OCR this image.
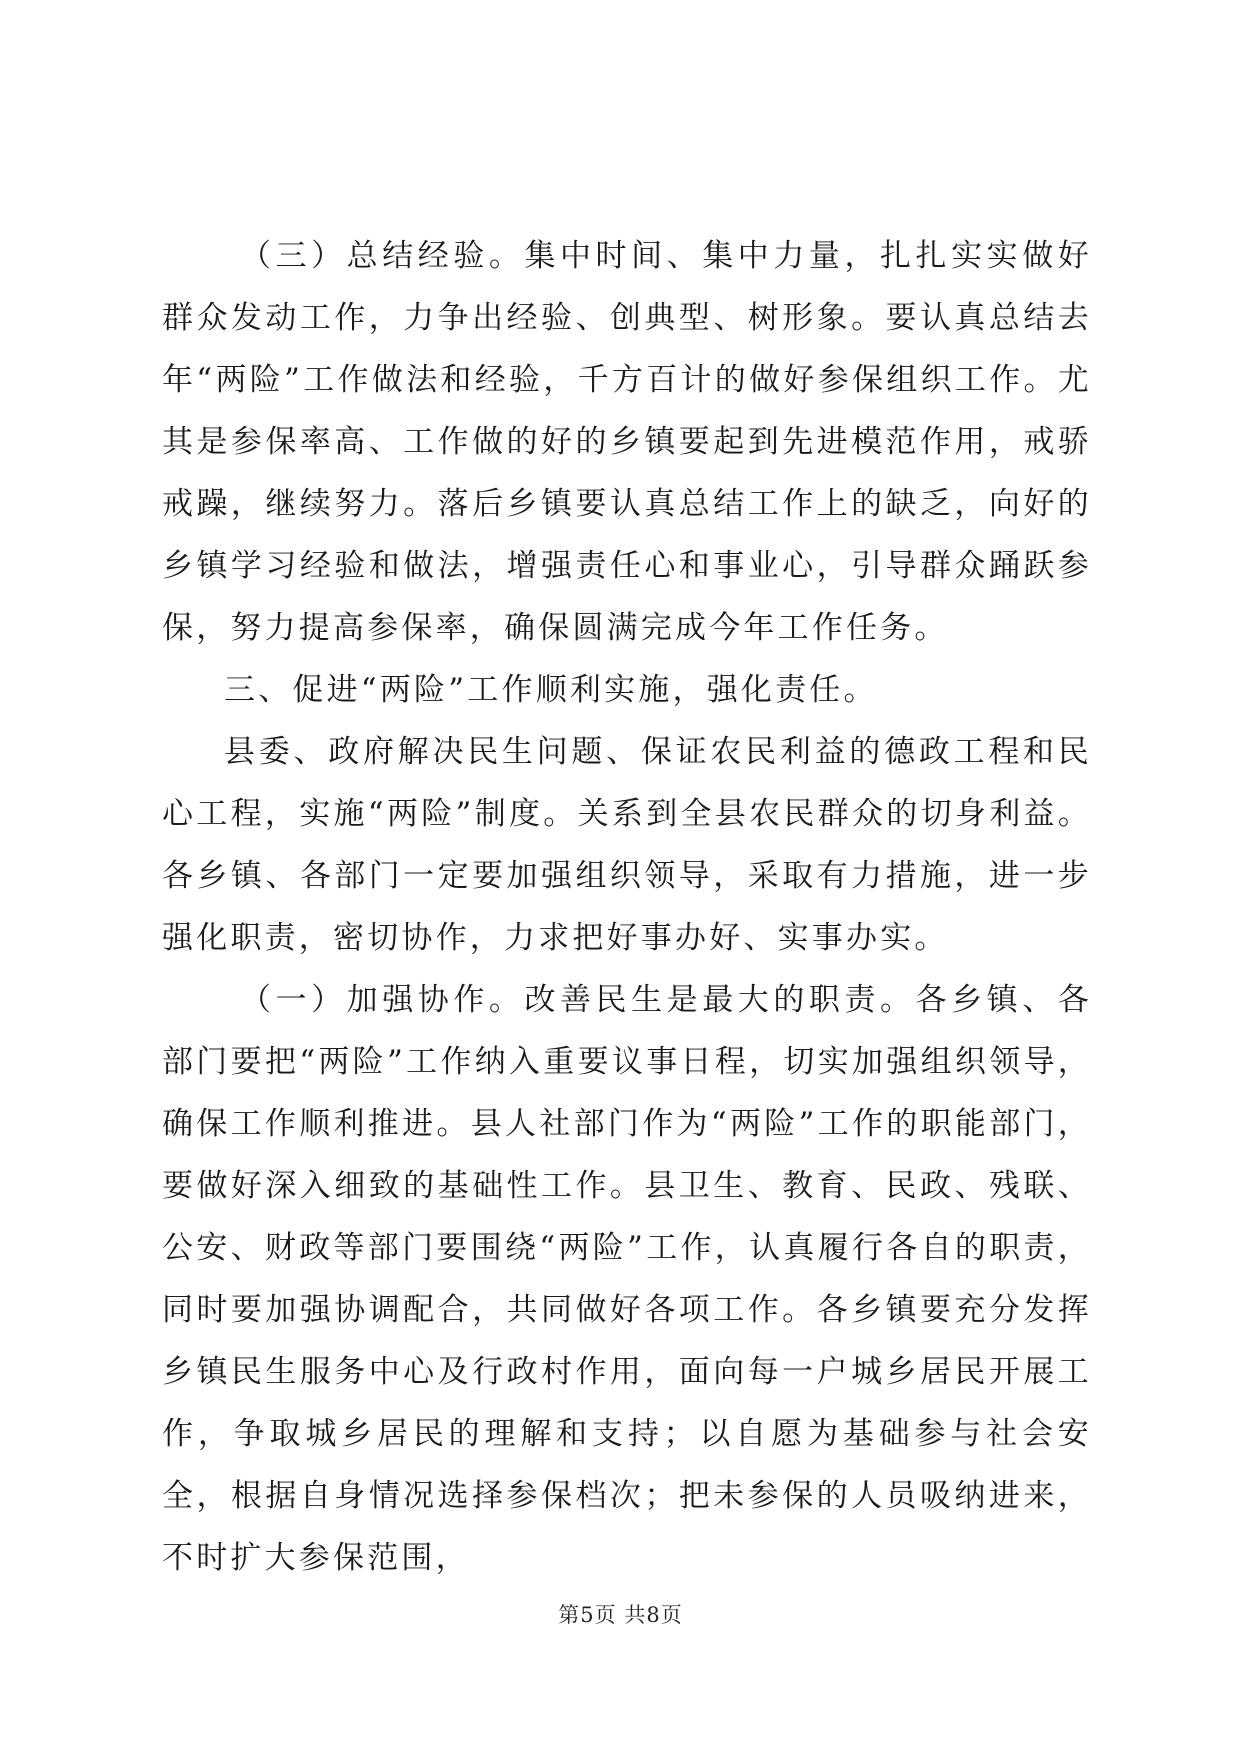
（三）总结经验。集中时间、集中力量，扎扎实实做好群众发动工作，力争出经验、创典型、树形象。要认真总结去年“两险”工作做法和经验，千方百计的做好参保组织工作。尤其是参保率高、工作做的好的乡镇要起到先进模范作用，戒骄戒躁，继续努力。落后乡镇要认真总结工作上的缺乏，向好的乡镇学习经验和做法，增强责任心和事业心，引导群众踊跃参保，努力提高参保率，确保圆满完成今年工作任务。

三、促进“两险”工作顺利实施，强化责任。

县委、政府解决民生问题、保证农民利益的德政工程和民心工程，实施“两险”制度。关系到全县农民群众的切身利益。各乡镇、各部门一定要加强组织领导，采取有力措施，进一步强化职责，密切协作，力求把好事办好、实事办实。

（一）加强协作。改善民生是最大的职责。各乡镇、各部门要把“两险”工作纳入重要议事日程，切实加强组织领导，确保工作顺利推进。县人社部门作为“两险”工作的职能部门，要做好深入细致的基础性工作。县卫生、教育、民政、残联、公安、财政等部门要围绕“两险”工作，认真履行各自的职责，同时要加强协调配合，共同做好各项工作。各乡镇要充分发挥乡镇民生服务中心及行政村作用，面向每一户城乡居民开展工作，争取城乡居民的理解和支持；以自愿为基础参与社会安全，根据自身情况选择参保档次；把未参保的人员吸纳进来，不时扩大参保范围，

第5页 共8页
